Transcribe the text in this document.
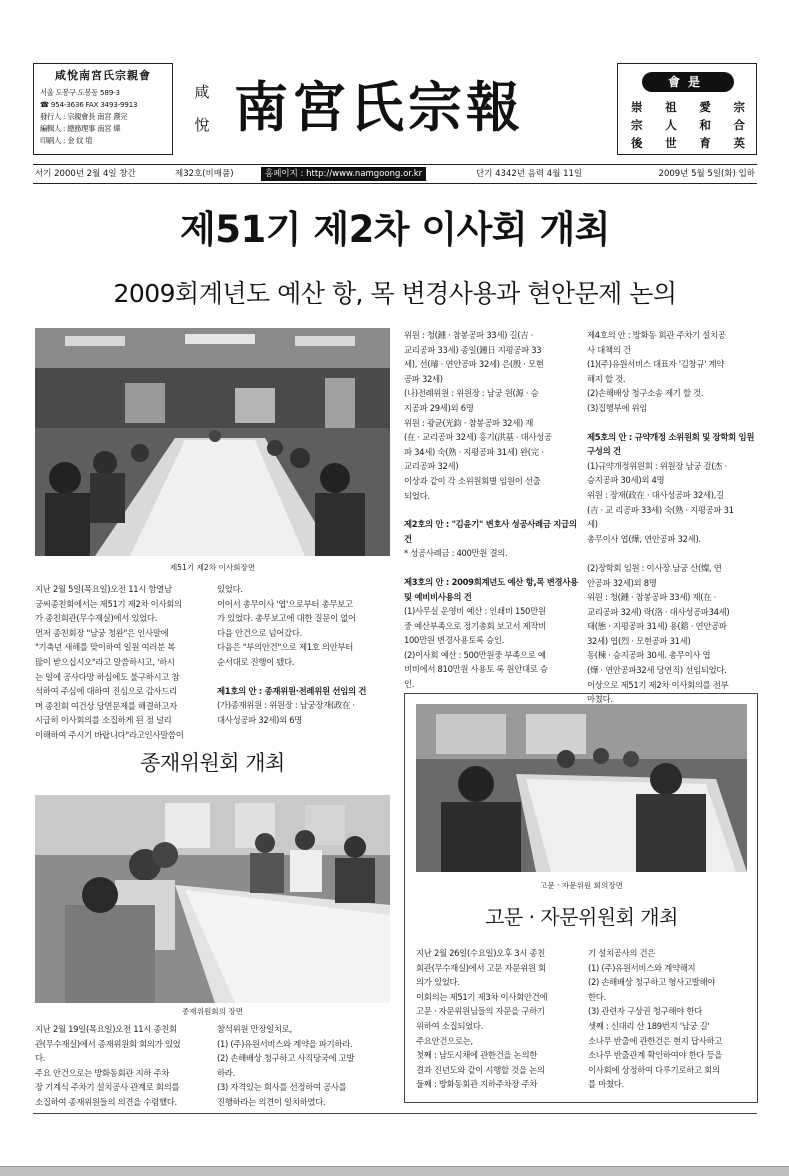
咸悅南宮氏宗親會
서울 도봉구 도봉동 589-3
☎ 954-3636 FAX 3493-9913
發行人 : 宗親會長 南宮 燾完
編輯人 : 總務理事 南宮 燁
印刷人 : 金 紋 埴
咸
悅 南宮氏宗報	會是
崇 祖 愛 宗
宗 人 和 合
後 世 育 英
서기 2000년 2월 4일 창간	제32호(비매품)	홈페이지 : http://www.namgoong.or.kr	단기 4342년 음력 4월 11일	2009년 5월 5일(화) 입하
제51기 제2차 이사회 개최
2009회계년도 예산 항, 목 변경사용과 현안문제 논의
제51기 제2차 이사회장면

지난 2월 5일(목요일)오전 11시 함열남

궁씨종친회에서는 제51기 제2차 이사회의

가 종친회관(무수재실)에서 있었다.

먼저 종친회장 "남궁 청완"은 인사말에

"기축년 새해를 맞이하여 일원 여러분 복

많이 받으십시오"라고 말씀하시고, '하시

는 일에 공사다망 하심에도 불구하시고 참

석하여 주심에 대하여 진심으로 감사드리

며 종친회 여건상 당면문제를 해결하고자

시급히 이사회의를 소집하게 된 점 널리

이해하여 주시기 바랍니다"라고인사말씀이

있었다.

이어서 총무이사 '엽'으로부터 총무보고

가 있었다. 총무보고에 대한 질문이 없어

다음 안건으로 넘어갔다.

다음은 "부의안건"으로 제1호 의안부터

순서대로 진행이 됐다.

제1호의 안 : 종재위원·전례위원 선임의 건

(가)종재위원 : 위원장 : 남궁장재(政在 ·

대사성공파 32세)외 6명

위원 : 청(鍾 · 참봉공파 33세) 길(吉 ·

교리공파 33세) 종일(鍾日 지평공파 33

세), 선(璿 · 연안공파 32세) 은(殷 · 모현

공파 32세)

(나)전례위원 : 위원장 : 남궁 원(源 · 승

지공파 29세)외 6명

위원 : 광균(光鈞 · 참봉공파 32세) 재

(在 · 교리공파 32세) 홍기(洪基 · 대사성공

파 34세) 숙(熟 · 지평공파 31세) 완(完 ·

교리공파 32세)

이상과 같이 각 소위원회별 임원이 선출

되었다.

제2호의 안 : "김윤기" 변호사 성공사례금 지급의 건

* 성공사례금 : 400만원 결의.

제3호의 안 : 2009회계년도 예산 항,목 변경사용 및 예비비사용의 건

(1)사무실 운영비 예산 : 인쇄비 150만원

중 예산부족으로 정기총회 보고서 제작비

100만원 변경사용토록 승인.

(2)이사회 예산 : 500만원중 부족으로 예

비비에서 810만원 사용토 록 원안대로 승

인.

제4호의 안 : 방화동 회관 주차기 설치공

사 대책의 건

(1)(주)유원서비스 대표자 '김창규' 계약

해지 할 것.

(2)손해배상 청구소송 제기 할 것.

(3)집행부에 위임

제5호의 안 : 규약개정 소위원회 및 장학회 임원 구성의 건

(1)규약개정위원회 : 위원장 남궁 걸(杰 ·

승지공파 30세)외 4명

위원 : 장재(政在 · 대사성공파 32세),길

(吉 · 교 리공파 33세) 숙(熟 · 지평공파 31

세)

총무이사 엽(燁, 연안공파 32세).

(2)장학회 임원 : 이사장 남궁 산(燦, 연

안공파 32세)외 8명

위원 : 청(鍾 · 참봉공파 33세) 재(在 ·

교리공파 32세) 락(洛 · 대사성공파34세)

태(態 · 지평공파 31세) 용(鎔 · 연안공파

32세) 엽(烈 · 모현공파 31세)

동(棟 · 승지공파 30세. 총무이사 엽

(燁 · 연안공파32세 당연직) 선임되었다.

이상으로 제51기 제2차 이사회의를 전부

마쳤다.

종재위원회 개최
종재위원회의 장면

지난 2월 19일(목요일)오전 11시 종친회

관(무수재실)에서 종재위원회 회의가 있었

다.

주요 안건으로는 방화동회관 지하 주차

장 기계식 주차기 설치공사 관계로 회의를

소집하여 종재위원들의 의견을 수렴했다.

참석위원 만장일치로,

(1) (주)유원서비스와 계약을 파기하라.

(2) 손해배상 청구하고 사직당국에 고발

하라.

(3) 자격있는 회사를 선정하여 공사를

진행하라는 의견이 일치하였다.

고문 · 자문위원 회의장면
고문 · 자문위원회 개최

지난 2월 26일(수요일)오후 3시 종친

회관(무수재실)에서 고문 자문위원 회

의가 있었다.

이회의는 제51기 제3차 이사회안건에

고문 · 자문위원님들의 자문을 구하기

위하여 소집되었다.

주요안건으로는,

첫째 : 남도시채에 관한건을 논의한

결과 진년도와 같이 시행할 것을 논의

둘째 : 방화동회관 지하주차장 주차

기 설치공사의 건은

(1) (주)유원서비스와 계약해지

(2) 손해배상 청구하고 형사고발해야

한다.

(3) 관련자 구상권 청구해야 한다

셋째 : 신대리 산 189번지 '남궁 길'

소나무 반출에 관한건은 현지 답사하고

소나무 반출관계 확인하여야 한다 등을

이사회에 상정하여 다루기로하고 회의

를 마쳤다.
